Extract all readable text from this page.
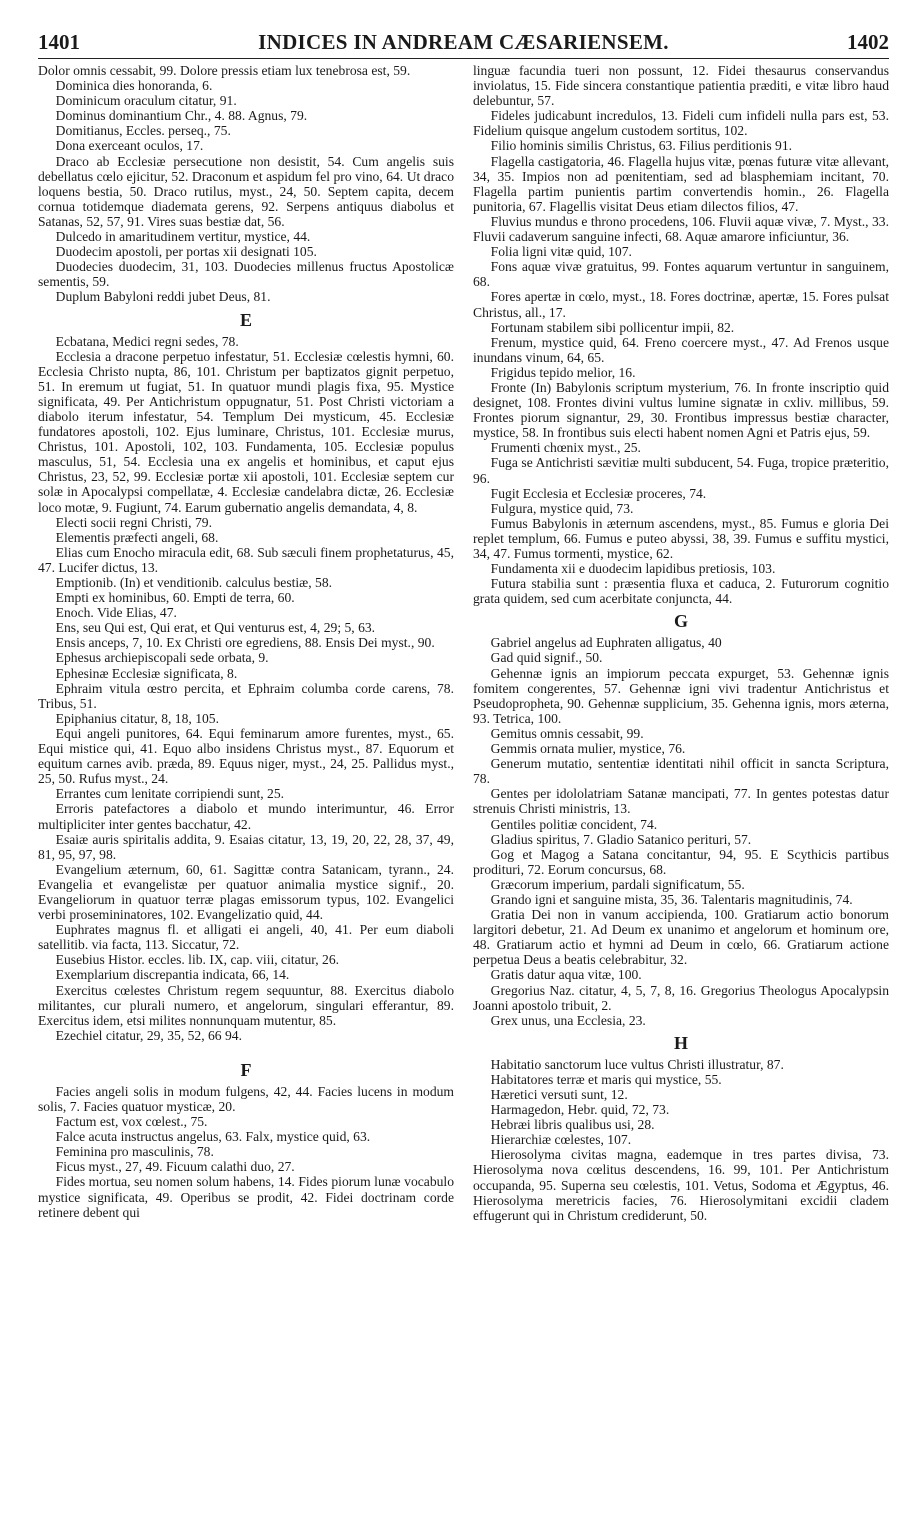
1401	INDICES IN ANDREAM CÆSARIENSEM.	1402

Dolor omnis cessabit, 99. Dolore pressis etiam lux tenebrosa est, 59.

Dominica dies honoranda, 6.

Dominicum oraculum citatur, 91.

Dominus dominantium Chr., 4. 88. Agnus, 79.

Domitianus, Eccles. perseq., 75.

Dona exerceant oculos, 17.

Draco ab Ecclesiæ persecutione non desistit, 54. Cum angelis suis debellatus cœlo ejicitur, 52. Draconum et aspidum fel pro vino, 64. Ut draco loquens bestia, 50. Draco rutilus, myst., 24, 50. Septem capita, decem cornua totidemque diademata gerens, 92. Serpens antiquus diabolus et Satanas, 52, 57, 91. Vires suas bestiæ dat, 56.

Dulcedo in amaritudinem vertitur, mystice, 44.

Duodecim apostoli, per portas xii designati 105.

Duodecies duodecim, 31, 103. Duodecies millenus fructus Apostolicæ sementis, 59.

Duplum Babyloni reddi jubet Deus, 81.

E

Ecbatana, Medici regni sedes, 78.

Ecclesia a dracone perpetuo infestatur, 51. Ecclesiæ cœlestis hymni, 60. Ecclesia Christo nupta, 86, 101. Christum per baptizatos gignit perpetuo, 51. In eremum ut fugiat, 51. In quatuor mundi plagis fixa, 95. Mystice significata, 49. Per Antichristum oppugnatur, 51. Post Christi victoriam a diabolo iterum infestatur, 54. Templum Dei mysticum, 45. Ecclesiæ fundatores apostoli, 102. Ejus luminare, Christus, 101. Ecclesiæ murus, Christus, 101. Apostoli, 102, 103. Fundamenta, 105. Ecclesiæ populus masculus, 51, 54. Ecclesia una ex angelis et hominibus, et caput ejus Christus, 23, 52, 99. Ecclesiæ portæ xii apostoli, 101. Ecclesiæ septem cur solæ in Apocalypsi compellatæ, 4. Ecclesiæ candelabra dictæ, 26. Ecclesiæ loco motæ, 9. Fugiunt, 74. Earum gubernatio angelis demandata, 4, 8.

Electi socii regni Christi, 79.

Elementis præfecti angeli, 68.

Elias cum Enocho miracula edit, 68. Sub sæculi finem prophetaturus, 45, 47. Lucifer dictus, 13.

Emptionib. (In) et venditionib. calculus bestiæ, 58.

Empti ex hominibus, 60. Empti de terra, 60.

Enoch. Vide Elias, 47.

Ens, seu Qui est, Qui erat, et Qui venturus est, 4, 29; 5, 63.

Ensis anceps, 7, 10. Ex Christi ore egrediens, 88. Ensis Dei myst., 90.

Ephesus archiepiscopali sede orbata, 9.

Ephesinæ Ecclesiæ significata, 8.

Ephraim vitula œstro percita, et Ephraim columba corde carens, 78. Tribus, 51.

Epiphanius citatur, 8, 18, 105.

Equi angeli punitores, 64. Equi feminarum amore furentes, myst., 65. Equi mistice qui, 41. Equo albo insidens Christus myst., 87. Equorum et equitum carnes avib. præda, 89. Equus niger, myst., 24, 25. Pallidus myst., 25, 50. Rufus myst., 24.

Errantes cum lenitate corripiendi sunt, 25.

Erroris patefactores a diabolo et mundo interimuntur, 46. Error multipliciter inter gentes bacchatur, 42.

Esaiæ auris spiritalis addita, 9. Esaias citatur, 13, 19, 20, 22, 28, 37, 49, 81, 95, 97, 98.

Evangelium æternum, 60, 61. Sagittæ contra Satanicam, tyrann., 24. Evangelia et evangelistæ per quatuor animalia mystice signif., 20. Evangeliorum in quatuor terræ plagas emissorum typus, 102. Evangelici verbi prosemininatores, 102. Evangelizatio quid, 44.

Euphrates magnus fl. et alligati ei angeli, 40, 41. Per eum diaboli satellitib. via facta, 113. Siccatur, 72.

Eusebius Histor. eccles. lib. IX, cap. viii, citatur, 26.

Exemplarium discrepantia indicata, 66, 14.

Exercitus cœlestes Christum regem sequuntur, 88. Exercitus diabolo militantes, cur plurali numero, et angelorum, singulari efferantur, 89. Exercitus idem, etsi milites nonnunquam mutentur, 85.

Ezechiel citatur, 29, 35, 52, 66 94.

F

Facies angeli solis in modum fulgens, 42, 44. Facies lucens in modum solis, 7. Facies quatuor mysticæ, 20.

Factum est, vox cœlest., 75.

Falce acuta instructus angelus, 63. Falx, mystice quid, 63.

Feminina pro masculinis, 78.

Ficus myst., 27, 49. Ficuum calathi duo, 27.

Fides mortua, seu nomen solum habens, 14. Fides piorum lunæ vocabulo mystice significata, 49. Operibus se prodit, 42. Fidei doctrinam corde retinere debent qui

linguæ facundia tueri non possunt, 12. Fidei thesaurus conservandus inviolatus, 15. Fide sincera constantique patientia præditi, e vitæ libro haud delebuntur, 57.

Fideles judicabunt incredulos, 13. Fideli cum infideli nulla pars est, 53. Fidelium quisque angelum custodem sortitus, 102.

Filio hominis similis Christus, 63. Filius perditionis 91.

Flagella castigatoria, 46. Flagella hujus vitæ, pœnas futuræ vitæ allevant, 34, 35. Impios non ad pœnitentiam, sed ad blasphemiam incitant, 70. Flagella partim punientis partim convertendis homin., 26. Flagella punitoria, 67. Flagellis visitat Deus etiam dilectos filios, 47.

Fluvius mundus e throno procedens, 106. Fluvii aquæ vivæ, 7. Myst., 33. Fluvii cadaverum sanguine infecti, 68. Aquæ amarore inficiuntur, 36.

Folia ligni vitæ quid, 107.

Fons aquæ vivæ gratuitus, 99. Fontes aquarum vertuntur in sanguinem, 68.

Fores apertæ in cœlo, myst., 18. Fores doctrinæ, apertæ, 15. Fores pulsat Christus, all., 17.

Fortunam stabilem sibi pollicentur impii, 82.

Frenum, mystice quid, 64. Freno coercere myst., 47. Ad Frenos usque inundans vinum, 64, 65.

Frigidus tepido melior, 16.

Fronte (In) Babylonis scriptum mysterium, 76. In fronte inscriptio quid designet, 108. Frontes divini vultus lumine signatæ in cxliv. millibus, 59. Frontes piorum signantur, 29, 30. Frontibus impressus bestiæ character, mystice, 58. In frontibus suis electi habent nomen Agni et Patris ejus, 59.

Frumenti chœnix myst., 25.

Fuga se Antichristi sævitiæ multi subducent, 54. Fuga, tropice præteritio, 96.

Fugit Ecclesia et Ecclesiæ proceres, 74.

Fulgura, mystice quid, 73.

Fumus Babylonis in æternum ascendens, myst., 85. Fumus e gloria Dei replet templum, 66. Fumus e puteo abyssi, 38, 39. Fumus e suffitu mystici, 34, 47. Fumus tormenti, mystice, 62.

Fundamenta xii e duodecim lapidibus pretiosis, 103.

Futura stabilia sunt : præsentia fluxa et caduca, 2. Futurorum cognitio grata quidem, sed cum acerbitate conjuncta, 44.

G

Gabriel angelus ad Euphraten alligatus, 40

Gad quid signif., 50.

Gehennæ ignis an impiorum peccata expurget, 53. Gehennæ ignis fomitem congerentes, 57. Gehennæ igni vivi tradentur Antichristus et Pseudopropheta, 90. Gehennæ supplicium, 35. Gehenna ignis, mors æterna, 93. Tetrica, 100.

Gemitus omnis cessabit, 99.

Gemmis ornata mulier, mystice, 76.

Generum mutatio, sententiæ identitati nihil officit in sancta Scriptura, 78.

Gentes per idololatriam Satanæ mancipati, 77. In gentes potestas datur strenuis Christi ministris, 13.

Gentiles politiæ concident, 74.

Gladius spiritus, 7. Gladio Satanico perituri, 57.

Gog et Magog a Satana concitantur, 94, 95. E Scythicis partibus prodituri, 72. Eorum concursus, 68.

Græcorum imperium, pardali significatum, 55.

Grando igni et sanguine mista, 35, 36. Talentaris magnitudinis, 74.

Gratia Dei non in vanum accipienda, 100. Gratiarum actio bonorum largitori debetur, 21. Ad Deum ex unanimo et angelorum et hominum ore, 48. Gratiarum actio et hymni ad Deum in cœlo, 66. Gratiarum actione perpetua Deus a beatis celebrabitur, 32.

Gratis datur aqua vitæ, 100.

Gregorius Naz. citatur, 4, 5, 7, 8, 16. Gregorius Theologus Apocalypsin Joanni apostolo tribuit, 2.

Grex unus, una Ecclesia, 23.

H

Habitatio sanctorum luce vultus Christi illustratur, 87.

Habitatores terræ et maris qui mystice, 55.

Hæretici versuti sunt, 12.

Harmagedon, Hebr. quid, 72, 73.

Hebræi libris qualibus usi, 28.

Hierarchiæ cœlestes, 107.

Hierosolyma civitas magna, eademque in tres partes divisa, 73. Hierosolyma nova cœlitus descendens, 16. 99, 101. Per Antichristum occupanda, 95. Superna seu cœlestis, 101. Vetus, Sodoma et Ægyptus, 46. Hierosolyma meretricis facies, 76. Hierosolymitani excidii cladem effugerunt qui in Christum crediderunt, 50.
